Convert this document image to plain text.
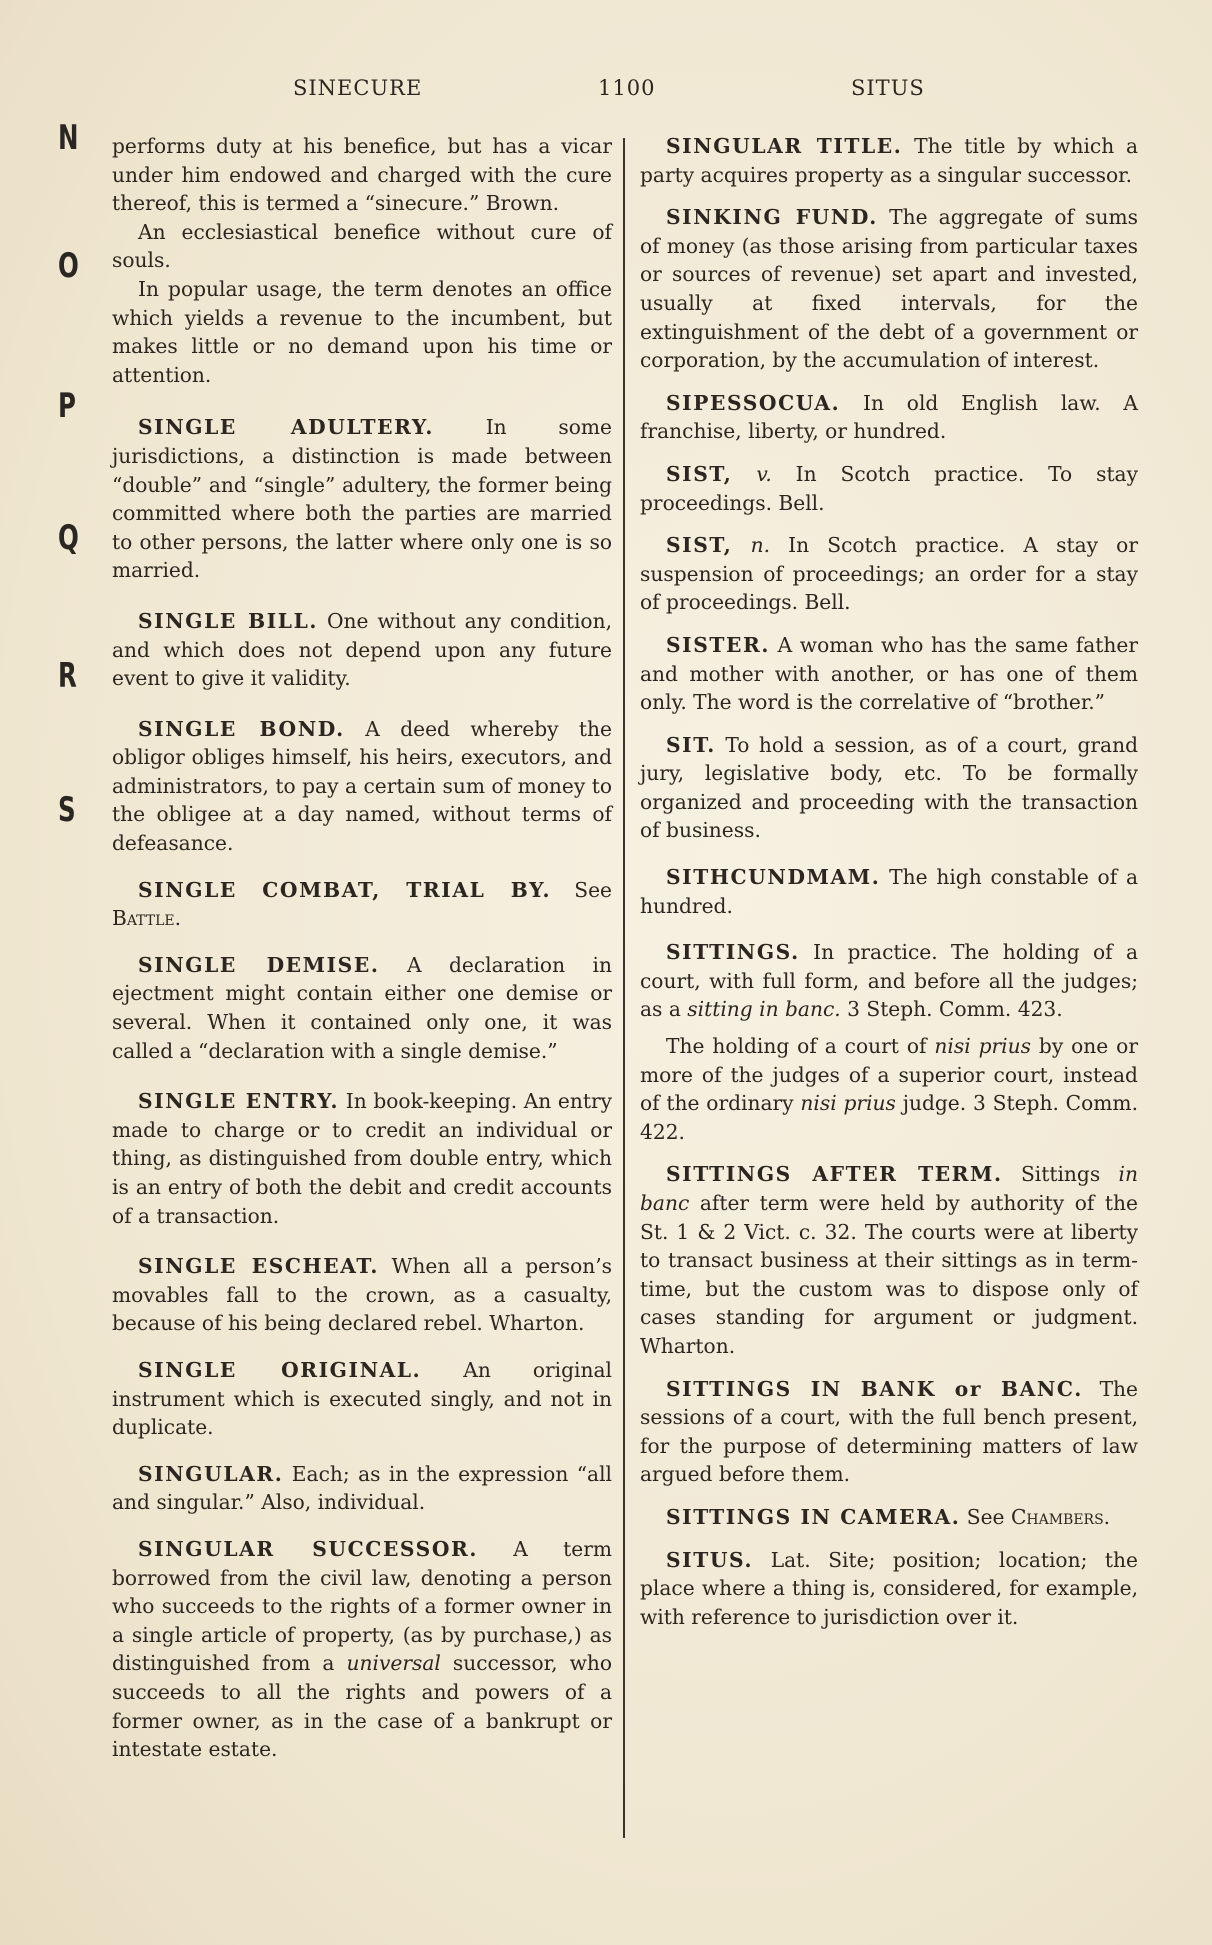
SINECURE	1100	SITUS
N
O
P
Q
R
S

performs duty at his benefice, but has a vicar under him endowed and charged with the cure thereof, this is termed a “sinecure.” Brown.

An ecclesiastical benefice without cure of souls.

In popular usage, the term denotes an office which yields a revenue to the incumbent, but makes little or no demand upon his time or attention.

SINGLE ADULTERY.	In some jurisdictions, a distinction is made between “double” and “single” adultery, the former being committed where both the parties are married to other persons, the latter where only one is so married.

SINGLE BILL. One without any condition, and which does not depend upon any future event to give it validity.

SINGLE BOND. A deed whereby the obligor obliges himself, his heirs, executors, and administrators, to pay a certain sum of money to the obligee at a day named, without terms of defeasance.

SINGLE COMBAT, TRIAL BY. See Battle.

SINGLE DEMISE. A declaration in ejectment might contain either one demise or several. When it contained only one, it was called a “declaration with a single demise.”

SINGLE ENTRY. In book-keeping. An entry made to charge or to credit an individual or thing, as distinguished from double entry, which is an entry of both the debit and credit accounts of a transaction.

SINGLE ESCHEAT. When all a person’s movables fall to the crown, as a casualty, because of his being declared rebel. Wharton.

SINGLE ORIGINAL. An original instrument which is executed singly, and not in duplicate.

SINGULAR. Each; as in the expression “all and singular.” Also, individual.

SINGULAR SUCCESSOR. A term borrowed from the civil law, denoting a person who succeeds to the rights of a former owner in a single article of property, (as by purchase,) as distinguished from a universal successor, who succeeds to all the rights and powers of a former owner, as in the case of a bankrupt or intestate estate.

SINGULAR TITLE. The title by which a party acquires property as a singular successor.

SINKING FUND. The aggregate of sums of money (as those arising from particular taxes or sources of revenue) set apart and invested, usually at fixed intervals, for the extinguishment of the debt of a government or corporation, by the accumulation of interest.

SIPESSOCUA. In old English law. A franchise, liberty, or hundred.

SIST, v. In Scotch practice. To stay proceedings. Bell.

SIST, n. In Scotch practice. A stay or suspension of proceedings; an order for a stay of proceedings. Bell.

SISTER. A woman who has the same father and mother with another, or has one of them only. The word is the correlative of “brother.”

SIT. To hold a session, as of a court, grand jury, legislative body, etc. To be formally organized and proceeding with the transaction of business.

SITHCUNDMAM. The high constable of a hundred.

SITTINGS. In practice. The holding of a court, with full form, and before all the judges; as a sitting in banc. 3 Steph. Comm. 423.

The holding of a court of nisi prius by one or more of the judges of a superior court, instead of the ordinary nisi prius judge. 3 Steph. Comm. 422.

SITTINGS AFTER TERM. Sittings in banc after term were held by authority of the St. 1 & 2 Vict. c. 32. The courts were at liberty to transact business at their sittings as in term-time, but the custom was to dispose only of cases standing for argument or judgment. Wharton.

SITTINGS IN BANK or BANC. The sessions of a court, with the full bench present, for the purpose of determining matters of law argued before them.

SITTINGS IN CAMERA. See Chambers.

SITUS. Lat. Site; position; location; the place where a thing is, considered, for example, with reference to jurisdiction over it.
